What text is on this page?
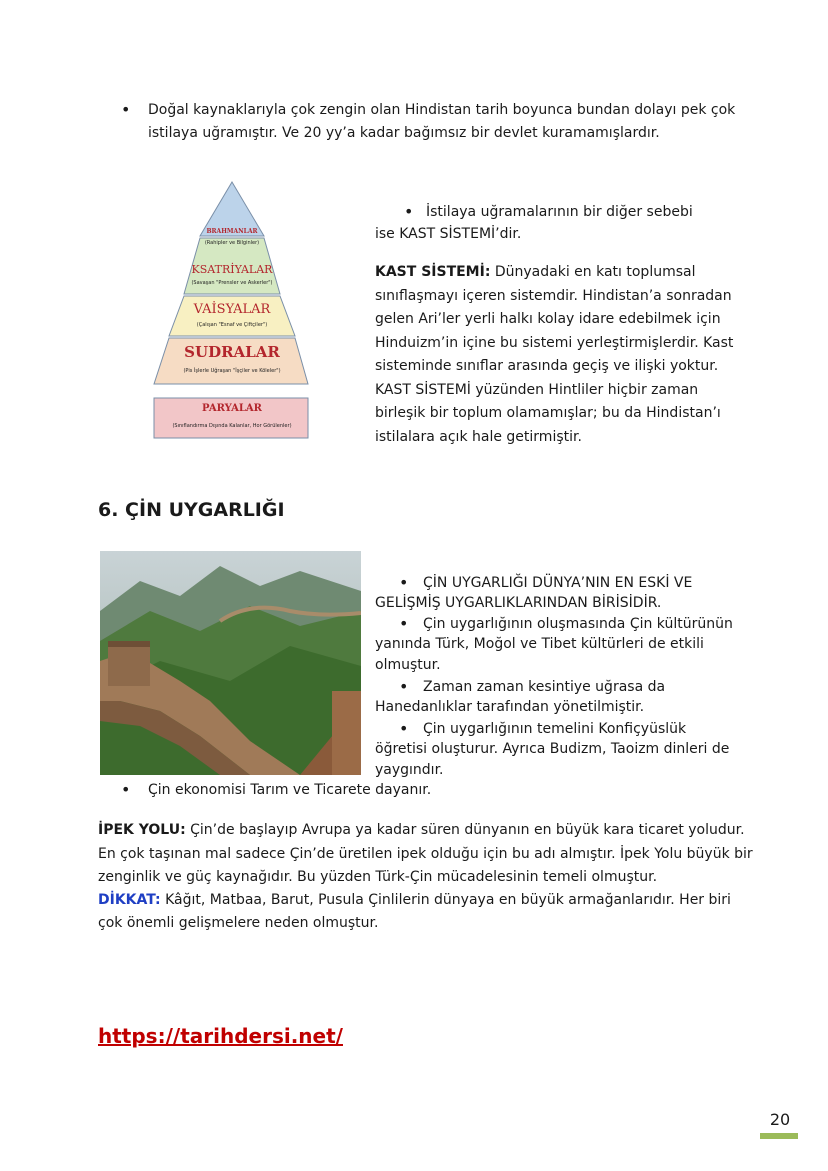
• Doğal kaynaklarıyla çok zengin olan Hindistan tarih boyunca bundan dolayı pek çok istilaya uğramıştır. Ve 20 yy’a kadar bağımsız bir devlet kuramamışlardır.
BRAHMANLAR
(Rahipler ve Bilginler)
KSATRİYALAR
(Savaşan "Prensler ve Askerler")
VAİSYALAR
(Çalışan "Esnaf ve Çiftçiler")
SUDRALAR
(Pis İşlerle Uğraşan "İşçiler ve Köleler")
PARYALAR
(Sınıflandırma Dışında Kalanlar, Hor Görülenler)
• İstilaya uğramalarının bir diğer sebebi
ise KAST SİSTEMİ’dir.
KAST SİSTEMİ: Dünyadaki en katı toplumsal
sınıflaşmayı içeren sistemdir. Hindistan’a sonradan
gelen Ari’ler yerli halkı kolay idare edebilmek için
Hinduizm’in içine bu sistemi yerleştirmişlerdir. Kast
sisteminde sınıflar arasında geçiş ve ilişki yoktur.
KAST SİSTEMİ yüzünden Hintliler hiçbir zaman
birleşik bir toplum olamamışlar; bu da Hindistan’ı
istilalara açık hale getirmiştir.
6. ÇİN UYGARLIĞI
• ÇİN UYGARLIĞI DÜNYA’NIN EN ESKİ VE
GELİŞMİŞ UYGARLIKLARINDAN BİRİSİDİR.
• Çin uygarlığının oluşmasında Çin kültürünün
yanında Türk, Moğol ve Tibet kültürleri de etkili
olmuştur.
• Zaman zaman kesintiye uğrasa da
Hanedanlıklar tarafından yönetilmiştir.
• Çin uygarlığının temelini Konfiçyüslük
öğretisi oluşturur. Ayrıca Budizm, Taoizm dinleri de
yaygındır.
• Çin ekonomisi Tarım ve Ticarete dayanır.
İPEK YOLU: Çin’de başlayıp Avrupa ya kadar süren dünyanın en büyük kara ticaret yoludur.
En çok taşınan mal sadece Çin’de üretilen ipek olduğu için bu adı almıştır. İpek Yolu büyük bir
zenginlik ve güç kaynağıdır. Bu yüzden Türk-Çin mücadelesinin temeli olmuştur.
DİKKAT: Kâğıt, Matbaa, Barut, Pusula Çinlilerin dünyaya en büyük armağanlarıdır. Her biri
çok önemli gelişmelere neden olmuştur.
https://tarihdersi.net/
20
